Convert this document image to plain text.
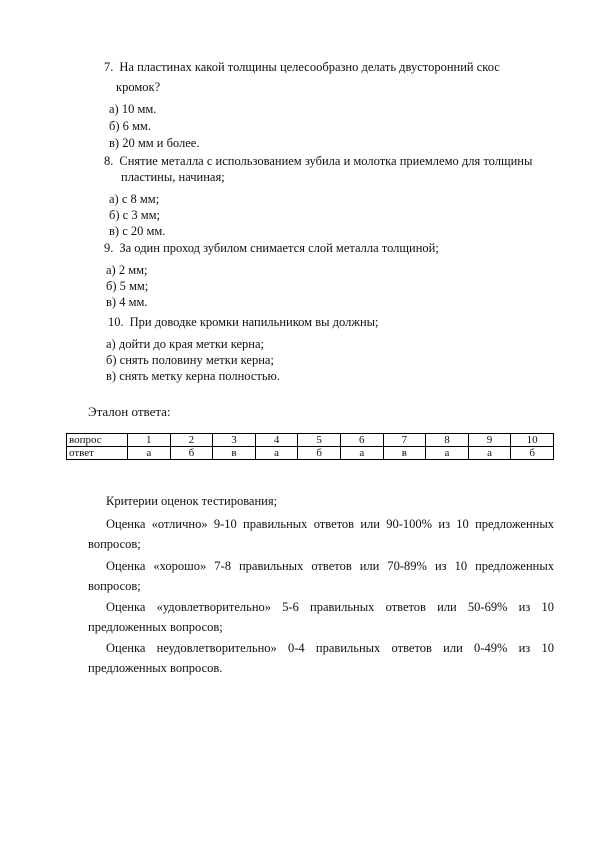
7. На пластинах какой толщины целесообразно делать двусторонний скос
кромок?
а) 10 мм.
б) 6 мм.
в) 20 мм и более.
8. Снятие металла с использованием зубила и молотка приемлемо для толщины
пластины, начиная;
а) с 8 мм;
б) с 3 мм;
в) с 20 мм.
9. За один проход зубилом снимается слой металла толщиной;
а) 2 мм;
б) 5 мм;
в) 4 мм.
10. При доводке кромки напильником вы должны;
а) дойти до края метки керна;
б) снять половину метки керна;
в) снять метку керна полностью.
Эталон ответа:
вопрос	1	2	3	4	5	6	7	8	9	10
ответ	а	б	в	а	б	а	в	а	а	б
Критерии оценок тестирования;
Оценка «отлично» 9-10 правильных ответов или 90-100% из 10 предложенных вопросов;
Оценка «хорошо» 7-8 правильных ответов или 70-89% из 10 предложенных вопросов;
Оценка «удовлетворительно» 5-6 правильных ответов или 50-69% из 10 предложенных вопросов;
Оценка неудовлетворительно» 0-4 правильных ответов или 0-49% из 10 предложенных вопросов.
